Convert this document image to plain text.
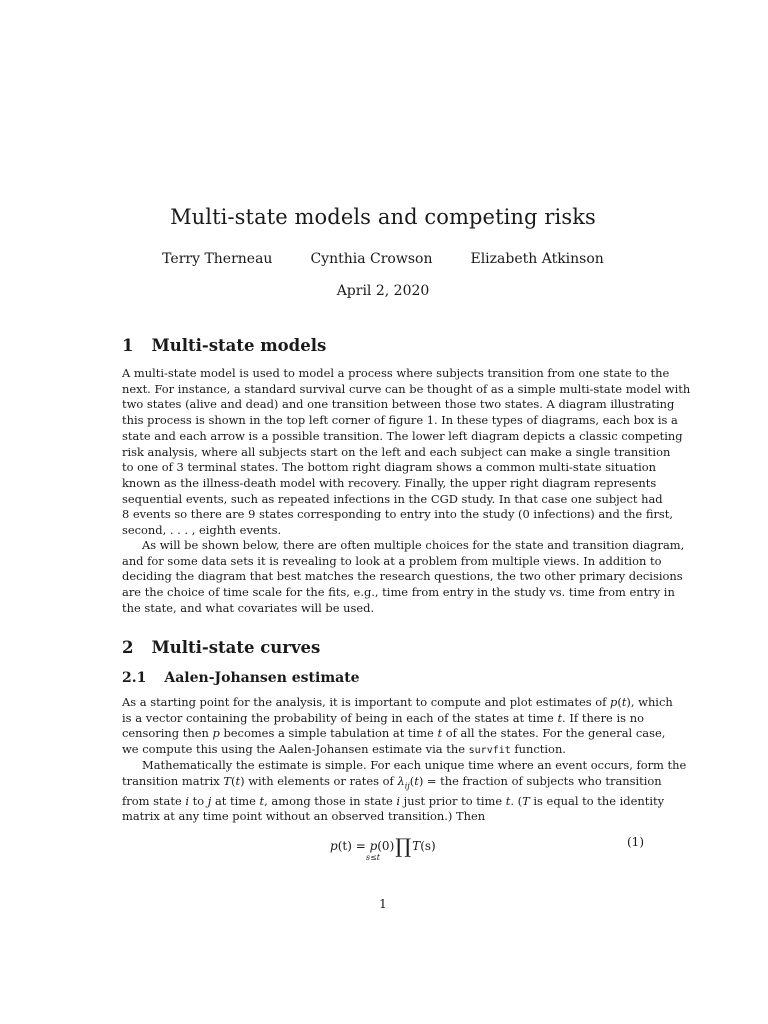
Multi-state models and competing risks
Terry Therneau	Cynthia Crowson	Elizabeth Atkinson
April 2, 2020
1 Multi-state models
A multi-state model is used to model a process where subjects transition from one state to the
next. For instance, a standard survival curve can be thought of as a simple multi-state model with
two states (alive and dead) and one transition between those two states. A diagram illustrating
this process is shown in the top left corner of figure 1. In these types of diagrams, each box is a
state and each arrow is a possible transition. The lower left diagram depicts a classic competing
risk analysis, where all subjects start on the left and each subject can make a single transition
to one of 3 terminal states. The bottom right diagram shows a common multi-state situation
known as the illness-death model with recovery. Finally, the upper right diagram represents
sequential events, such as repeated infections in the CGD study. In that case one subject had
8 events so there are 9 states corresponding to entry into the study (0 infections) and the first,
second, . . . , eighth events.
As will be shown below, there are often multiple choices for the state and transition diagram,
and for some data sets it is revealing to look at a problem from multiple views. In addition to
deciding the diagram that best matches the research questions, the two other primary decisions
are the choice of time scale for the fits, e.g., time from entry in the study vs. time from entry in
the state, and what covariates will be used.
2 Multi-state curves
2.1 Aalen-Johansen estimate
As a starting point for the analysis, it is important to compute and plot estimates of p(t), which
is a vector containing the probability of being in each of the states at time t. If there is no
censoring then p becomes a simple tabulation at time t of all the states. For the general case,
we compute this using the Aalen-Johansen estimate via the survfit function.
Mathematically the estimate is simple. For each unique time where an event occurs, form the
transition matrix T(t) with elements or rates of $\lambda_{ij}(t)$ = the fraction of subjects who transition
from state i to j at time t, among those in state i just prior to time t. (T is equal to the identity
matrix at any time point without an observed transition.) Then
p(t) = p(0)∏T(s)
s≤t
(1)
1
